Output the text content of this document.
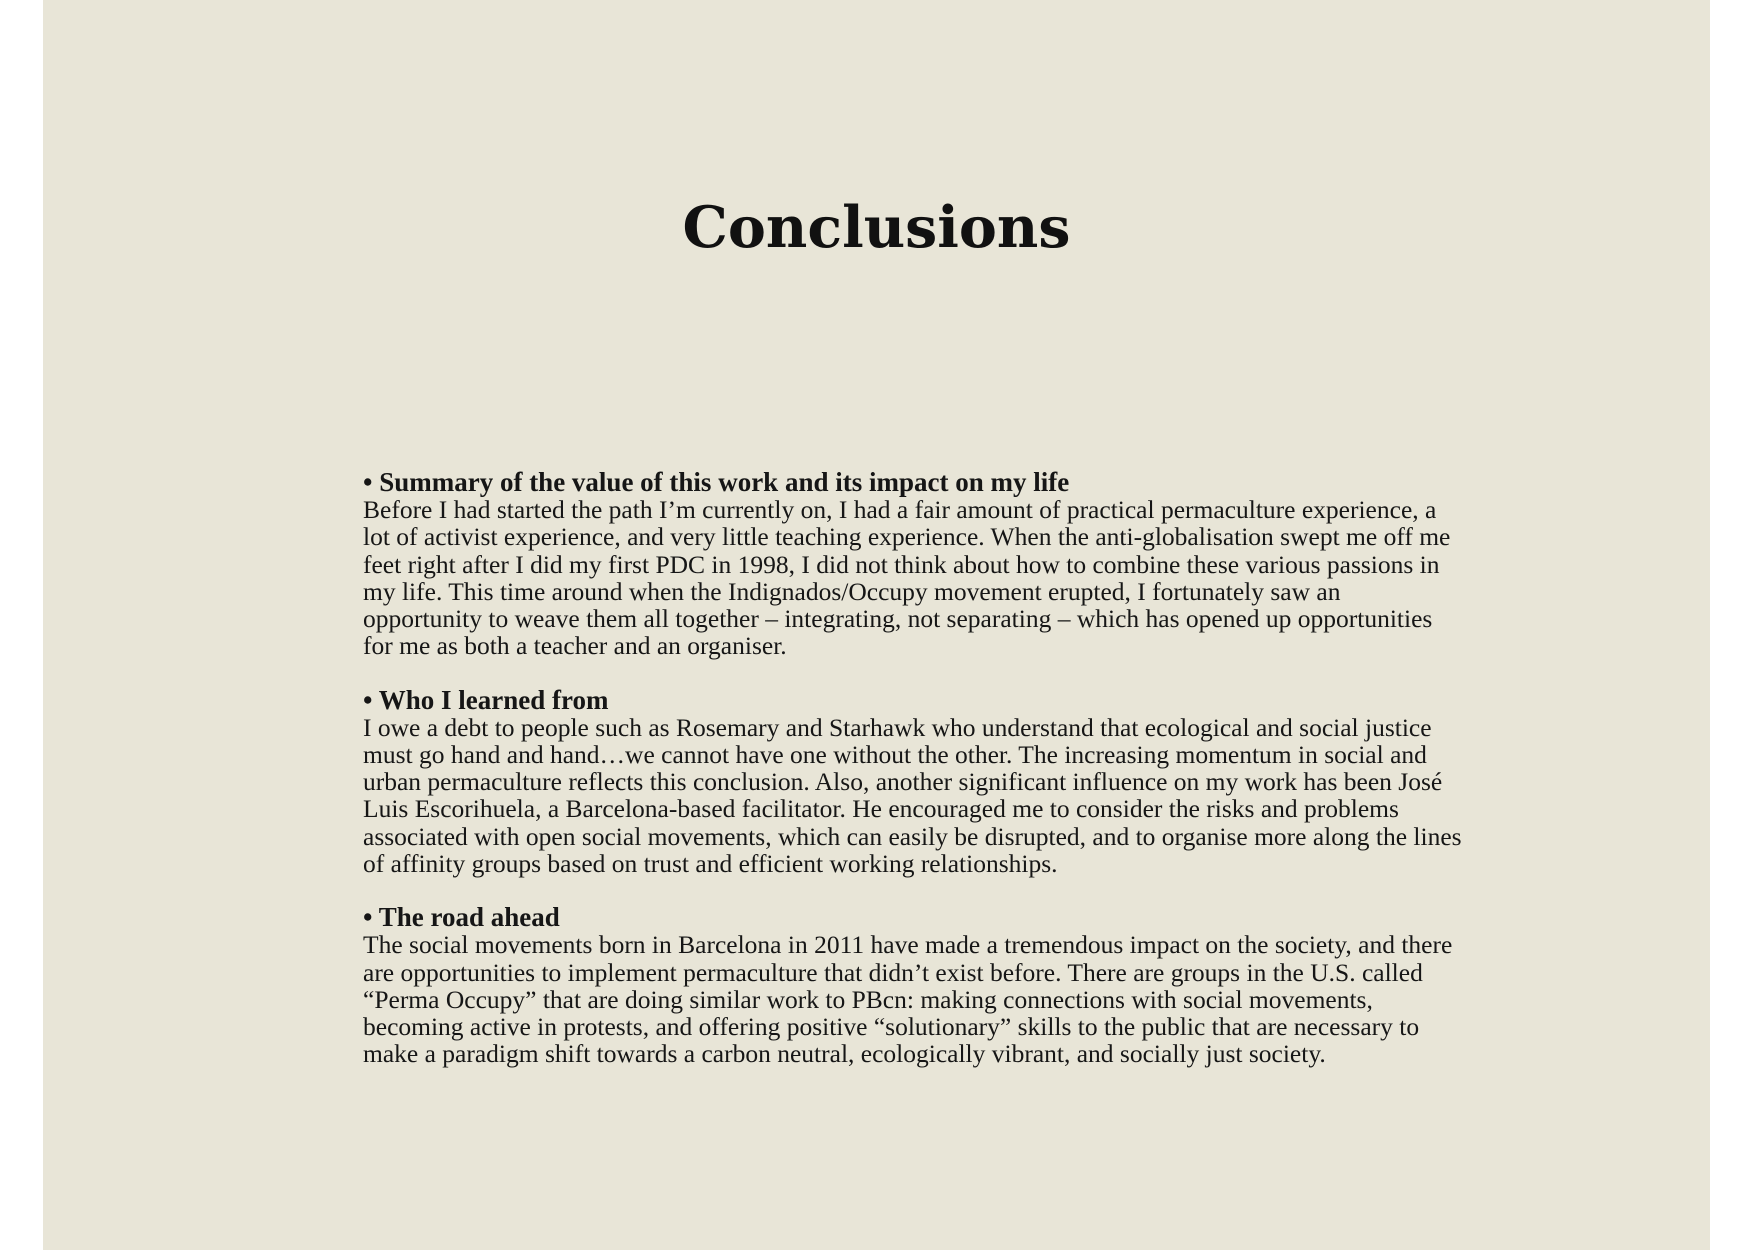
Conclusions
• Summary of the value of this work and its impact on my life

Before I had started the path I’m currently on, I had a fair amount of practical permaculture experience, a lot of activist experience, and very little teaching experience. When the anti-globalisation swept me off me feet right after I did my first PDC in 1998, I did not think about how to combine these various passions in my life. This time around when the Indignados/Occupy movement erupted, I fortunately saw an opportunity to weave them all together – integrating, not separating – which has opened up opportunities for me as both a teacher and an organiser.

• Who I learned from

I owe a debt to people such as Rosemary and Starhawk who understand that ecological and social justice must go hand and hand…we cannot have one without the other. The increasing momentum in social and urban permaculture reflects this conclusion. Also, another significant influence on my work has been José Luis Escorihuela, a Barcelona-based facilitator. He encouraged me to consider the risks and problems associated with open social movements, which can easily be disrupted, and to organise more along the lines of affinity groups based on trust and efficient working relationships.

• The road ahead

The social movements born in Barcelona in 2011 have made a tremendous impact on the society, and there are opportunities to implement permaculture that didn’t exist before. There are groups in the U.S. called “Perma Occupy” that are doing similar work to PBcn: making connections with social movements, becoming active in protests, and offering positive “solutionary” skills to the public that are necessary to make a paradigm shift towards a carbon neutral, ecologically vibrant, and socially just society.
